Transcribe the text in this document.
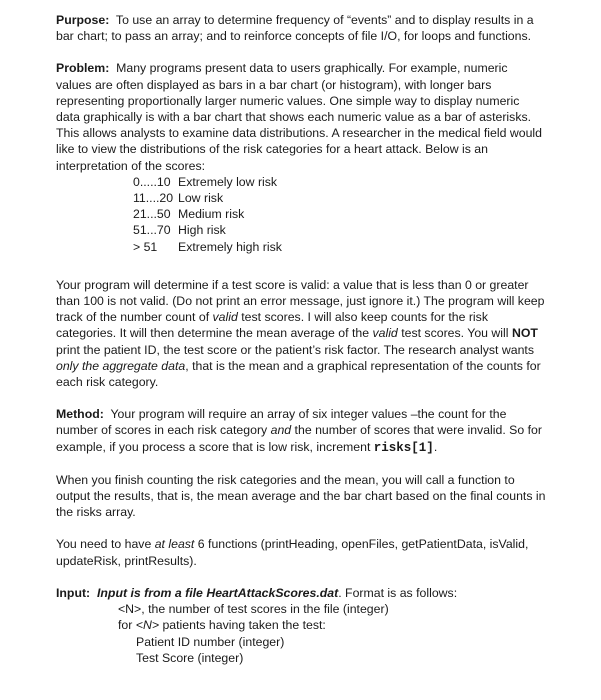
Purpose: To use an array to determine frequency of “events” and to display results in a bar chart; to pass an array; and to reinforce concepts of file I/O, for loops and functions.

Problem: Many programs present data to users graphically. For example, numeric values are often displayed as bars in a bar chart (or histogram), with longer bars representing proportionally larger numeric values. One simple way to display numeric data graphically is with a bar chart that shows each numeric value as a bar of asterisks. This allows analysts to examine data distributions. A researcher in the medical field would like to view the distributions of the risk categories for a heart attack. Below is an interpretation of the scores:

0.....10 Extremely low risk
11....20 Low risk
21...50 Medium risk
51...70 High risk
> 51	Extremely high risk

Your program will determine if a test score is valid: a value that is less than 0 or greater than 100 is not valid. (Do not print an error message, just ignore it.) The program will keep track of the number count of valid test scores. I will also keep counts for the risk categories. It will then determine the mean average of the valid test scores. You will NOT print the patient ID, the test score or the patient’s risk factor. The research analyst wants only the aggregate data, that is the mean and a graphical representation of the counts for each risk category.

Method: Your program will require an array of six integer values –the count for the number of scores in each risk category and the number of scores that were invalid. So for example, if you process a score that is low risk, increment risks[1].

When you finish counting the risk categories and the mean, you will call a function to output the results, that is, the mean average and the bar chart based on the final counts in the risks array.

You need to have at least 6 functions (printHeading, openFiles, getPatientData, isValid, updateRisk, printResults).

Input: Input is from a file HeartAttackScores.dat. Format is as follows:

<N>, the number of test scores in the file (integer)

for <N> patients having taken the test:

Patient ID number (integer)

Test Score (integer)
